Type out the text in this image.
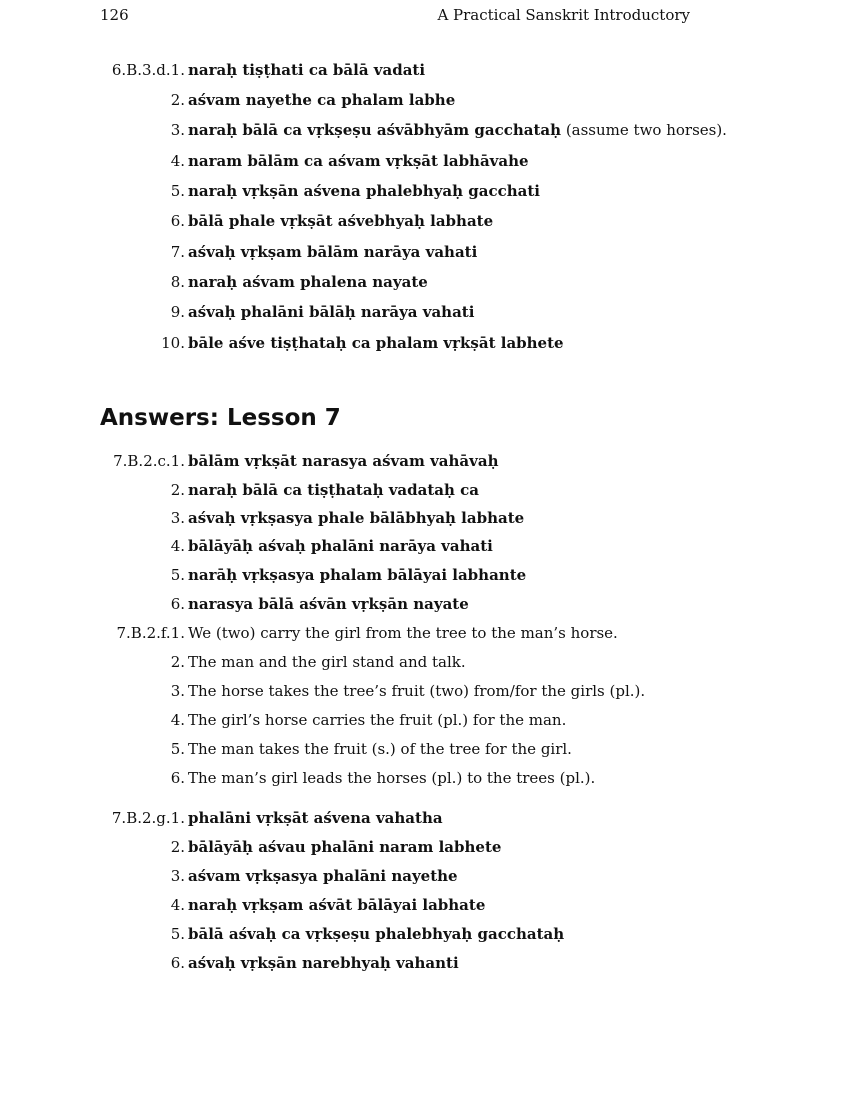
126	A Practical Sanskrit Introductory
6.B.3.d.1. naraḥ tiṣṭhati ca bālā vadati
2. aśvam nayethe ca phalam labhe
3. naraḥ bālā ca vṛkṣeṣu aśvābhyām gacchataḥ (assume two horses).
4. naram bālām ca aśvam vṛkṣāt labhāvahe
5. naraḥ vṛkṣān aśvena phalebhyaḥ gacchati
6. bālā phale vṛkṣāt aśvebhyaḥ labhate
7. aśvaḥ vṛkṣam bālām narāya vahati
8. naraḥ aśvam phalena nayate
9. aśvaḥ phalāni bālāḥ narāya vahati
10. bāle aśve tiṣṭhataḥ ca phalam vṛkṣāt labhete
Answers: Lesson 7
7.B.2.c.1. bālām vṛkṣāt narasya aśvam vahāvaḥ
2. naraḥ bālā ca tiṣṭhataḥ vadataḥ ca
3. aśvaḥ vṛkṣasya phale bālābhyaḥ labhate
4. bālāyāḥ aśvaḥ phalāni narāya vahati
5. narāḥ vṛkṣasya phalam bālāyai labhante
6. narasya bālā aśvān vṛkṣān nayate
7.B.2.f.1. We (two) carry the girl from the tree to the man’s horse.
2. The man and the girl stand and talk.
3. The horse takes the tree’s fruit (two) from/for the girls (pl.).
4. The girl’s horse carries the fruit (pl.) for the man.
5. The man takes the fruit (s.) of the tree for the girl.
6. The man’s girl leads the horses (pl.) to the trees (pl.).
7.B.2.g.1. phalāni vṛkṣāt aśvena vahatha
2. bālāyāḥ aśvau phalāni naram labhete
3. aśvam vṛkṣasya phalāni nayethe
4. naraḥ vṛkṣam aśvāt bālāyai labhate
5. bālā aśvaḥ ca vṛkṣeṣu phalebhyaḥ gacchataḥ
6. aśvaḥ vṛkṣān narebhyaḥ vahanti
